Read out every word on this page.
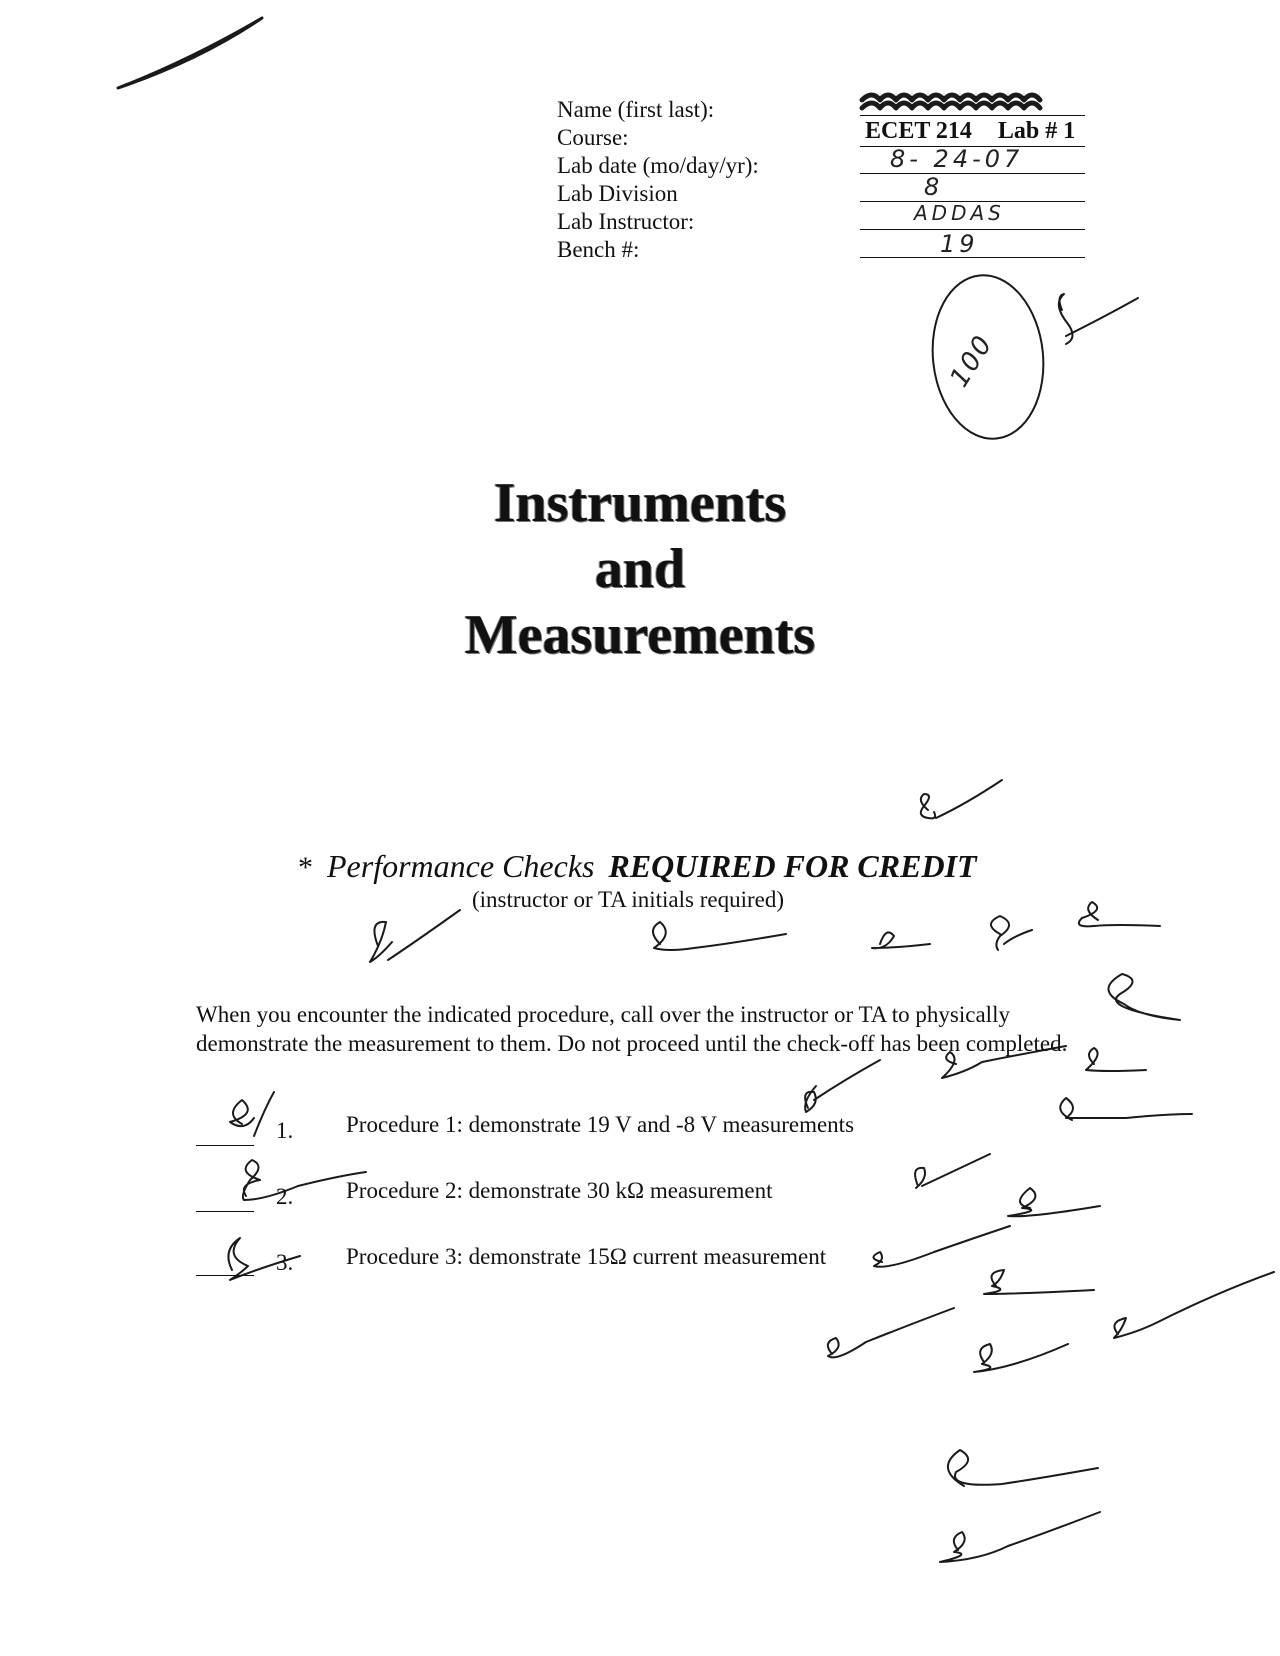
Name (first last):
Course:
Lab date (mo/day/yr):
Lab Division
Lab Instructor:
Bench #:
ECET 214 Lab # 1
8- 24-07
8
ADDAS
19
100
Instruments
and
Measurements
* Performance Checks REQUIRED FOR CREDIT
(instructor or TA initials required)
When you encounter the indicated procedure, call over the instructor or TA to physically demonstrate the measurement to them. Do not proceed until the check-off has been completed.
1. Procedure 1: demonstrate 19 V and -8 V measurements
2. Procedure 2: demonstrate 30 kΩ measurement
3. Procedure 3: demonstrate 15Ω current measurement
